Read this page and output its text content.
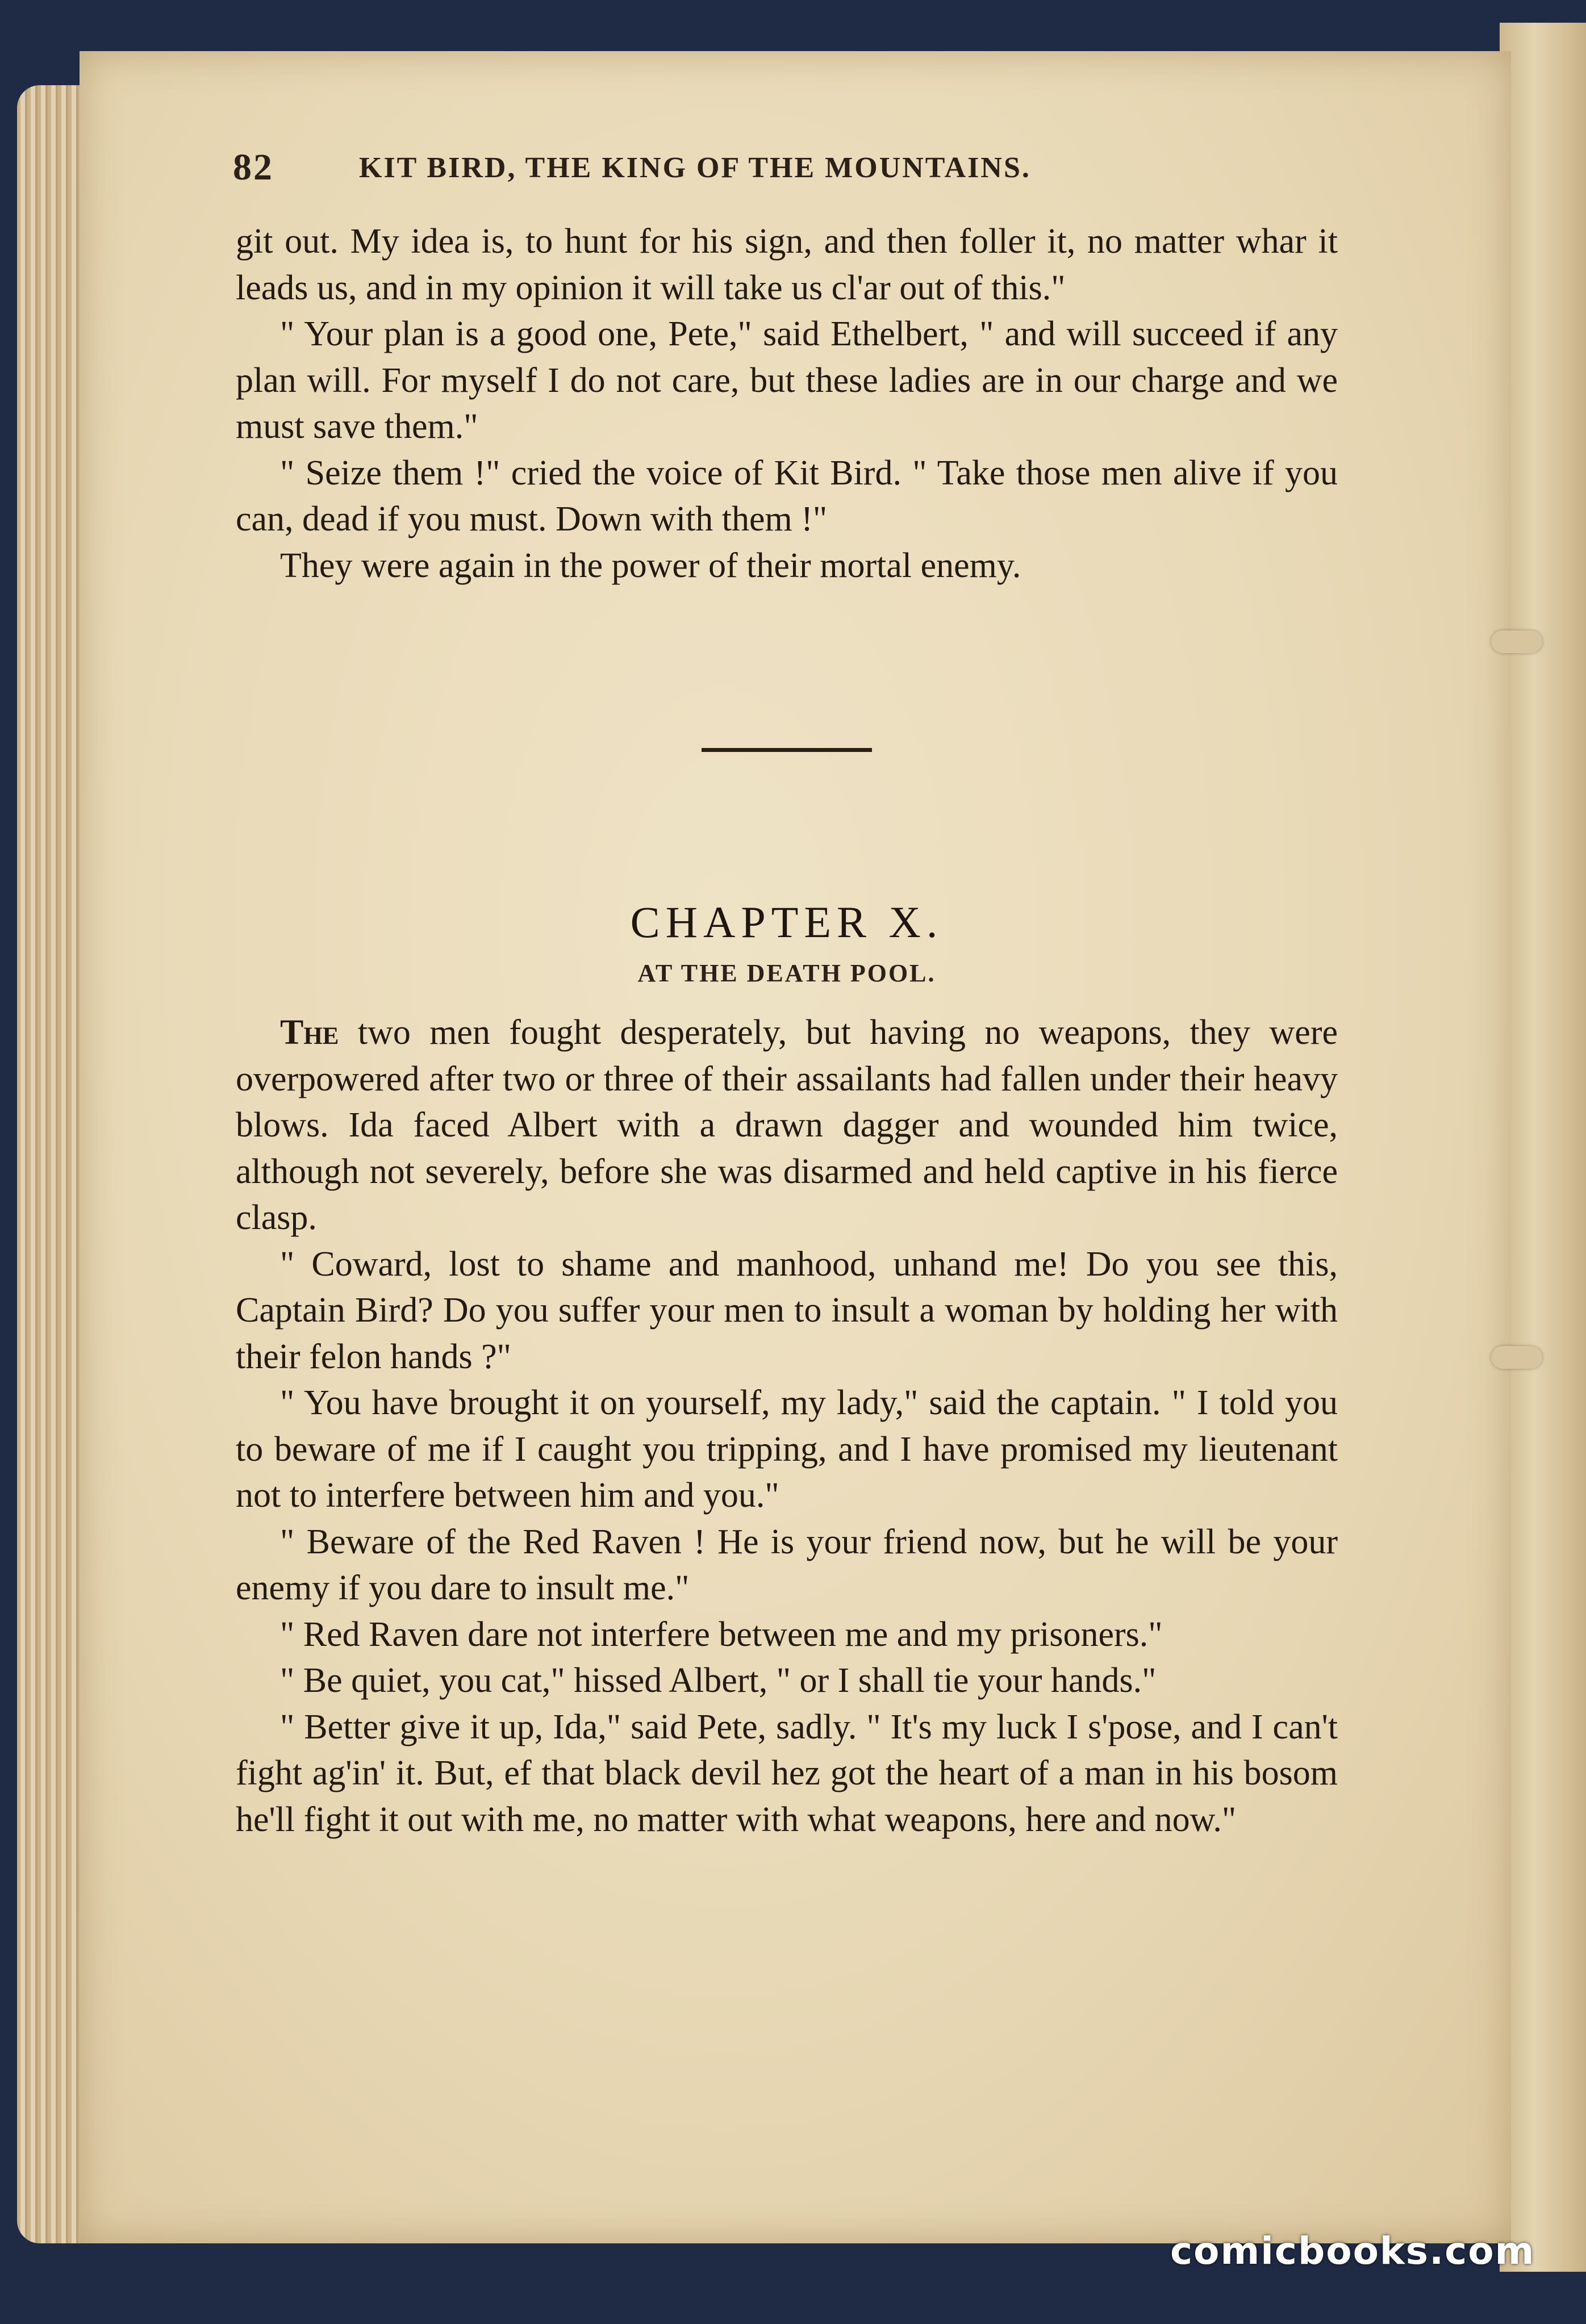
82	KIT BIRD, THE KING OF THE MOUNTAINS.

git out. My idea is, to hunt for his sign, and then foller it, no matter whar it leads us, and in my opinion it will take us cl'ar out of this."

" Your plan is a good one, Pete," said Ethelbert, " and will succeed if any plan will. For myself I do not care, but these ladies are in our charge and we must save them."

" Seize them !" cried the voice of Kit Bird. " Take those men alive if you can, dead if you must. Down with them !"

They were again in the power of their mortal enemy.

CHAPTER X.
AT THE DEATH POOL.

The two men fought desperately, but having no weapons, they were overpowered after two or three of their assailants had fallen under their heavy blows. Ida faced Albert with a drawn dagger and wounded him twice, although not severely, before she was disarmed and held captive in his fierce clasp.

" Coward, lost to shame and manhood, unhand me! Do you see this, Captain Bird? Do you suffer your men to insult a woman by holding her with their felon hands ?"

" You have brought it on yourself, my lady," said the captain. " I told you to beware of me if I caught you tripping, and I have promised my lieutenant not to interfere between him and you."

" Beware of the Red Raven ! He is your friend now, but he will be your enemy if you dare to insult me."

" Red Raven dare not interfere between me and my prisoners."

" Be quiet, you cat," hissed Albert, " or I shall tie your hands."

" Better give it up, Ida," said Pete, sadly. " It's my luck I s'pose, and I can't fight ag'in' it. But, ef that black devil hez got the heart of a man in his bosom he'll fight it out with me, no matter with what weapons, here and now."

comicbooks.com
